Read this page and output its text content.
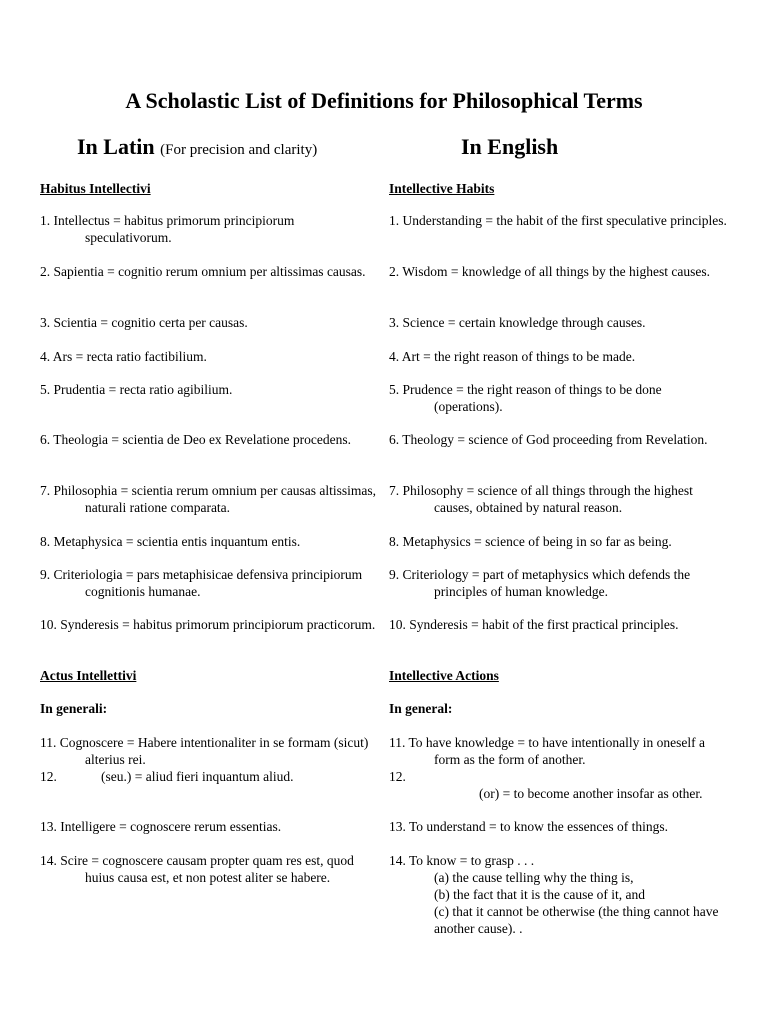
A Scholastic List of Definitions for Philosophical Terms
In Latin (For precision and clarity)	In English
Habitus Intellectivi
1. Intellectus = habitus primorum principiorum speculativorum.
2. Sapientia = cognitio rerum omnium per altissimas causas.
3. Scientia = cognitio certa per causas.
4. Ars = recta ratio factibilium.
5. Prudentia = recta ratio agibilium.
6. Theologia = scientia de Deo ex Revelatione procedens.
7. Philosophia = scientia rerum omnium per causas altissimas, naturali ratione comparata.
8. Metaphysica = scientia entis inquantum entis.
9. Criteriologia = pars metaphisicae defensiva principiorum cognitionis humanae.
10. Synderesis = habitus primorum principiorum practicorum.
Actus Intellettivi
In generali:
11. Cognoscere = Habere intentionaliter in se formam (sicut) alterius rei.
12.	(seu.) = aliud fieri inquantum aliud.
13. Intelligere = cognoscere rerum essentias.
14. Scire = cognoscere causam propter quam res est, quod huius causa est, et non potest aliter se habere.
Intellective Habits
1. Understanding = the habit of the first speculative principles.
2. Wisdom = knowledge of all things by the highest causes.
3. Science = certain knowledge through causes.
4. Art = the right reason of things to be made.
5. Prudence = the right reason of things to be done (operations).
6. Theology = science of God proceeding from Revelation.
7. Philosophy = science of all things through the highest causes, obtained by natural reason.
8. Metaphysics = science of being in so far as being.
9. Criteriology = part of metaphysics which defends the principles of human knowledge.
10. Synderesis = habit of the first practical principles.
Intellective Actions
In general:
11. To have knowledge = to have intentionally in oneself a form as the form of another.
12.(or) = to become another insofar as other.
13. To understand = to know the essences of things.
14. To know = to grasp . . .
(a) the cause telling why the thing is,
(b) the fact that it is the cause of it, and
(c) that it cannot be otherwise (the thing cannot have another cause). .
